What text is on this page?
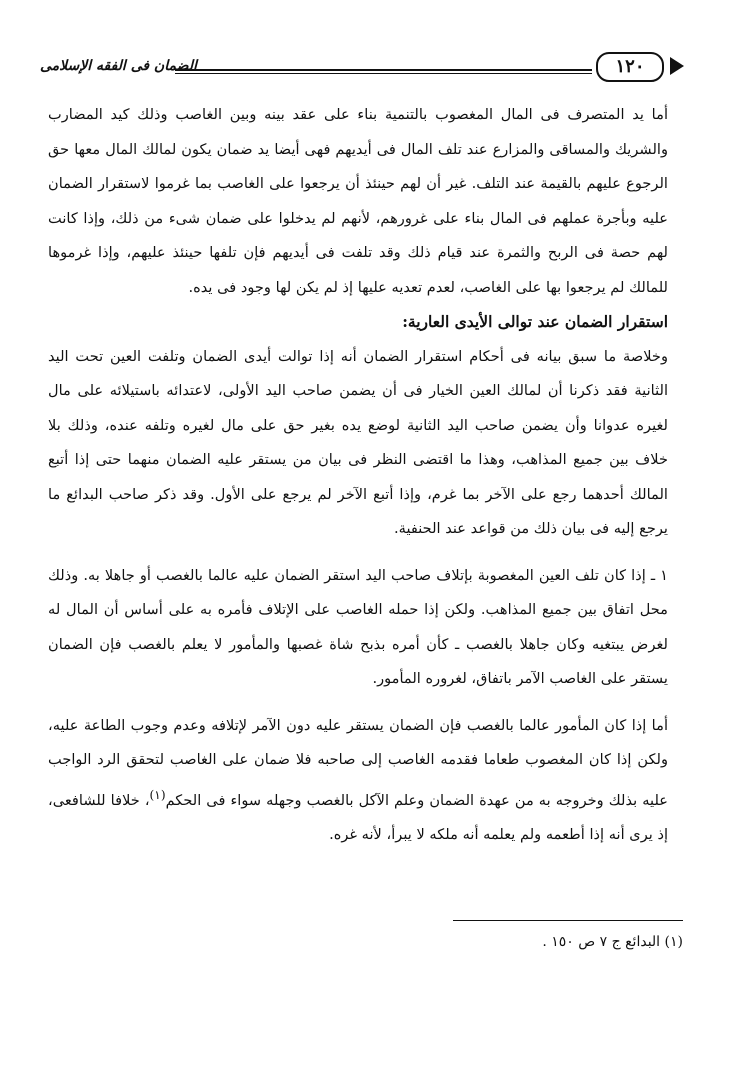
الضمان فى الفقه الإسلامى	١٢٠

أما يد المتصرف فى المال المغصوب بالتنمية بناء على عقد بينه وبين الغاصب وذلك كيد المضارب والشريك والمساقى والمزارع عند تلف المال فى أيديهم فهى أيضا يد ضمان يكون لمالك المال معها حق الرجوع عليهم بالقيمة عند التلف. غير أن لهم حينئذ أن يرجعوا على الغاصب بما غرموا لاستقرار الضمان عليه وبأجرة عملهم فى المال بناء على غرورهم، لأنهم لم يدخلوا على ضمان شىء من ذلك، وإذا كانت لهم حصة فى الربح والثمرة عند قيام ذلك وقد تلفت فى أيديهم فإن تلفها حينئذ عليهم، وإذا غرموها للمالك لم يرجعوا بها على الغاصب، لعدم تعديه عليها إذ لم يكن لها وجود فى يده.

استقرار الضمان عند توالى الأيدى العارية:

وخلاصة ما سبق بيانه فى أحكام استقرار الضمان أنه إذا توالت أيدى الضمان وتلفت العين تحت اليد الثانية فقد ذكرنا أن لمالك العين الخيار فى أن يضمن صاحب اليد الأولى، لاعتدائه باستيلائه على مال لغيره عدوانا وأن يضمن صاحب اليد الثانية لوضع يده بغير حق على مال لغيره وتلفه عنده، وذلك بلا خلاف بين جميع المذاهب، وهذا ما اقتضى النظر فى بيان من يستقر عليه الضمان منهما حتى إذا أتبع المالك أحدهما رجع على الآخر بما غرم، وإذا أتبع الآخر لم يرجع على الأول. وقد ذكر صاحب البدائع ما يرجع إليه فى بيان ذلك من قواعد عند الحنفية.

١ ـ إذا كان تلف العين المغصوبة بإتلاف صاحب اليد استقر الضمان عليه عالما بالغصب أو جاهلا به. وذلك محل اتفاق بين جميع المذاهب. ولكن إذا حمله الغاصب على الإتلاف فأمره به على أساس أن المال له لغرض يبتغيه وكان جاهلا بالغصب ـ كأن أمره بذبح شاة غصبها والمأمور لا يعلم بالغصب فإن الضمان يستقر على الغاصب الآمر باتفاق، لغروره المأمور.

أما إذا كان المأمور عالما بالغصب فإن الضمان يستقر عليه دون الآمر لإتلافه وعدم وجوب الطاعة عليه، ولكن إذا كان المغصوب طعاما فقدمه الغاصب إلى صاحبه فلا ضمان على الغاصب لتحقق الرد الواجب عليه بذلك وخروجه به من عهدة الضمان وعلم الآكل بالغصب وجهله سواء فى الحكم$^{(١)}$، خلافا للشافعى، إذ يرى أنه إذا أطعمه ولم يعلمه أنه ملكه لا يبرأ، لأنه غره.

(١) البدائع ج ٧ ص ١٥٠ .
